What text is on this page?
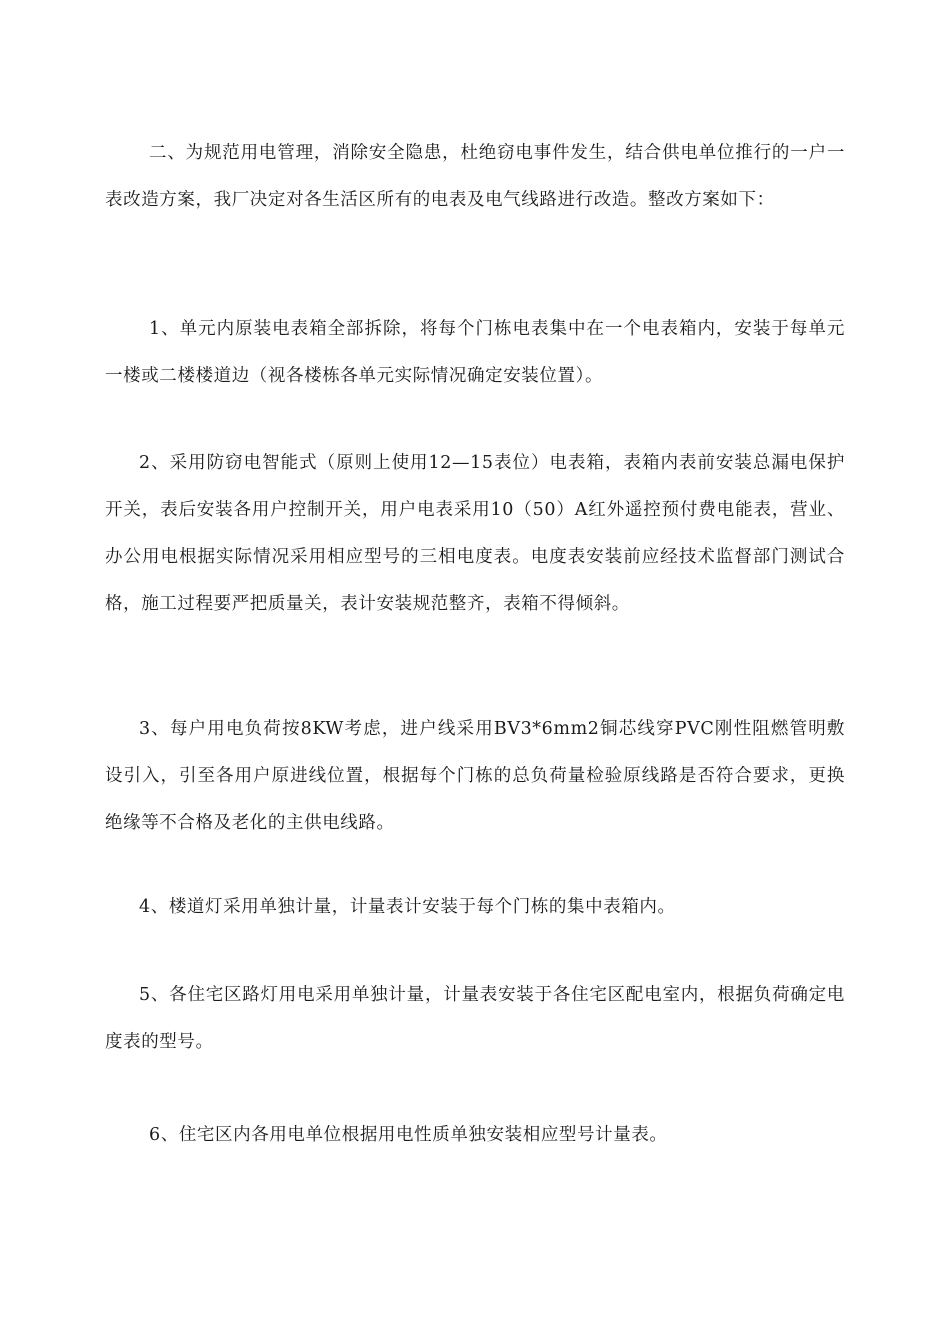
二、为规范用电管理，消除安全隐患，杜绝窃电事件发生，结合供电单位推行的一户一表改造方案，我厂决定对各生活区所有的电表及电气线路进行改造。整改方案如下：

1、单元内原装电表箱全部拆除，将每个门栋电表集中在一个电表箱内，安装于每单元一楼或二楼楼道边（视各楼栋各单元实际情况确定安装位置）。

2、采用防窃电智能式（原则上使用12—15表位）电表箱，表箱内表前安装总漏电保护开关，表后安装各用户控制开关，用户电表采用10（50）A红外遥控预付费电能表，营业、办公用电根据实际情况采用相应型号的三相电度表。电度表安装前应经技术监督部门测试合格，施工过程要严把质量关，表计安装规范整齐，表箱不得倾斜。

3、每户用电负荷按8KW考虑，进户线采用BV3*6mm2铜芯线穿PVC刚性阻燃管明敷设引入，引至各用户原进线位置，根据每个门栋的总负荷量检验原线路是否符合要求，更换绝缘等不合格及老化的主供电线路。

4、楼道灯采用单独计量，计量表计安装于每个门栋的集中表箱内。

5、各住宅区路灯用电采用单独计量，计量表安装于各住宅区配电室内，根据负荷确定电度表的型号。

6、住宅区内各用电单位根据用电性质单独安装相应型号计量表。
